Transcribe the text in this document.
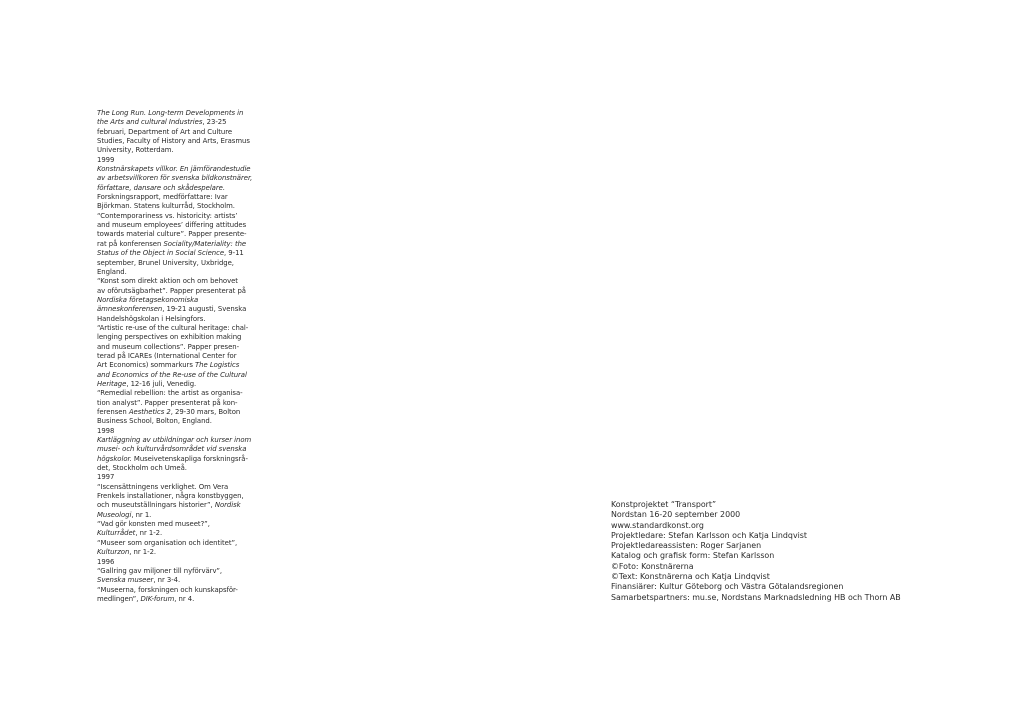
The Long Run. Long-term Developments in
the Arts and cultural Industries, 23-25
februari, Department of Art and Culture
Studies, Faculty of History and Arts, Erasmus
University, Rotterdam.
1999
Konstnärskapets villkor. En jämförandestudie
av arbetsvillkoren för svenska bildkonstnärer,
författare, dansare och skådespelare.
Forskningsrapport, medförfattare: Ivar
Björkman. Statens kulturråd, Stockholm.
“Contemporariness vs. historicity: artists’
and museum employees’ differing attitudes
towards material culture”. Papper presente-
rat på konferensen Sociality/Materiality: the
Status of the Object in Social Science, 9-11
september, Brunel University, Uxbridge,
England.
“Konst som direkt aktion och om behovet
av oförutsägbarhet”. Papper presenterat på
Nordiska företagsekonomiska
ämneskonferensen, 19-21 augusti, Svenska
Handelshögskolan i Helsingfors.
“Artistic re-use of the cultural heritage: chal-
lenging perspectives on exhibition making
and museum collections”. Papper presen-
terad på ICAREs (International Center for
Art Economics) sommarkurs The Logistics
and Economics of the Re-use of the Cultural
Heritage, 12-16 juli, Venedig.
“Remedial rebellion: the artist as organisa-
tion analyst”. Papper presenterat på kon-
ferensen Aesthetics 2, 29-30 mars, Bolton
Business School, Bolton, England.
1998
Kartläggning av utbildningar och kurser inom
musei- och kulturvårdsområdet vid svenska
högskolor. Museivetenskapliga forskningsrå-
det, Stockholm och Umeå.
1997
“Iscensättningens verklighet. Om Vera
Frenkels installationer, några konstbyggen,
och museutställningars historier”, Nordisk
Museologi, nr 1.
“Vad gör konsten med museet?”,
Kulturrådet, nr 1-2.
“Museer som organisation och identitet”,
Kulturzon, nr 1-2.
1996
“Gallring gav miljoner till nyförvärv”,
Svenska museer, nr 3-4.
“Museerna, forskningen och kunskapsför-
medlingen”, DIK-forum, nr 4.
Konstprojektet “Transport”
Nordstan 16-20 september 2000
www.standardkonst.org
Projektledare: Stefan Karlsson och Katja Lindqvist
Projektledareassisten: Roger Sarjanen
Katalog och grafisk form: Stefan Karlsson
©Foto: Konstnärerna
©Text: Konstnärerna och Katja Lindqvist
Finansiärer: Kultur Göteborg och Västra Götalandsregionen
Samarbetspartners: mu.se, Nordstans Marknadsledning HB och Thorn AB
